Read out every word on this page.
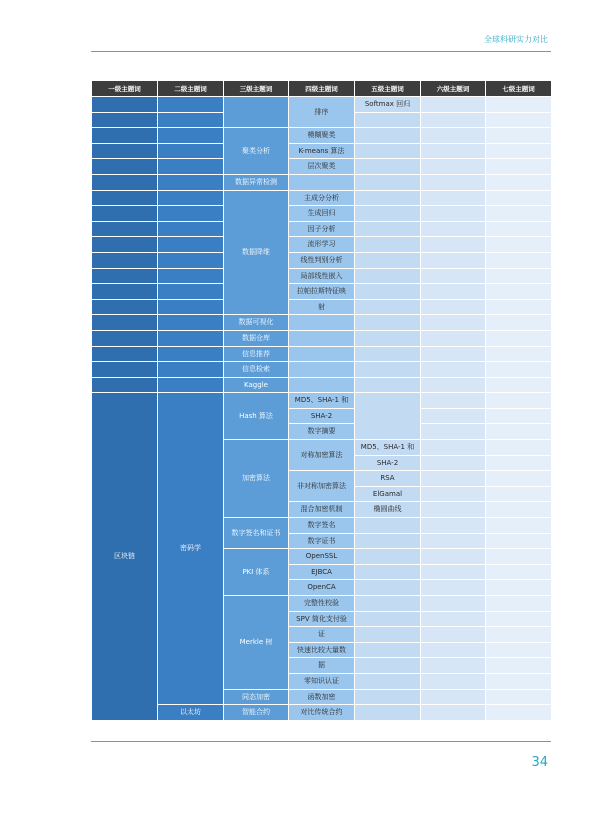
全球科研实力对比
一级主题词	二级主题词	三级主题词	四级主题词	五级主题词	六级主题词	七级主题词
			排序	Softmax 回归		

		聚类分析	模糊聚类			
			K-means 算法			
			层次聚类			
		数据异常检测				
		数据降维	主成分分析			
			生成回归			
			因子分析			
			流形学习			
			线性判别分析			
			局部线性嵌入			
			拉帕拉斯特征映			
			射			
		数据可视化				
		数据仓库				
		信息推荐				
		信息检索				
		Kaggle				
区块链	密码学	Hash 算法	MD5、SHA-1 和			
			SHA-2			
			数字摘要			
		加密算法	对称加密算法	MD5、SHA-1 和		
				SHA-2		
			非对称加密算法	RSA		
				ElGamal		
			混合加密机制	椭圆曲线		
		数字签名和证书	数字签名			
			数字证书			
		PKI 体系	OpenSSL			
			EJBCA			
			OpenCA			
		Merkle 树	完整性校验			
			SPV 简化支付验			
			证			
			快速比较大量数			
			据			
			零知识认证			
		同态加密	函数加密			
	以太坊	智能合约	对比传统合约			
34
